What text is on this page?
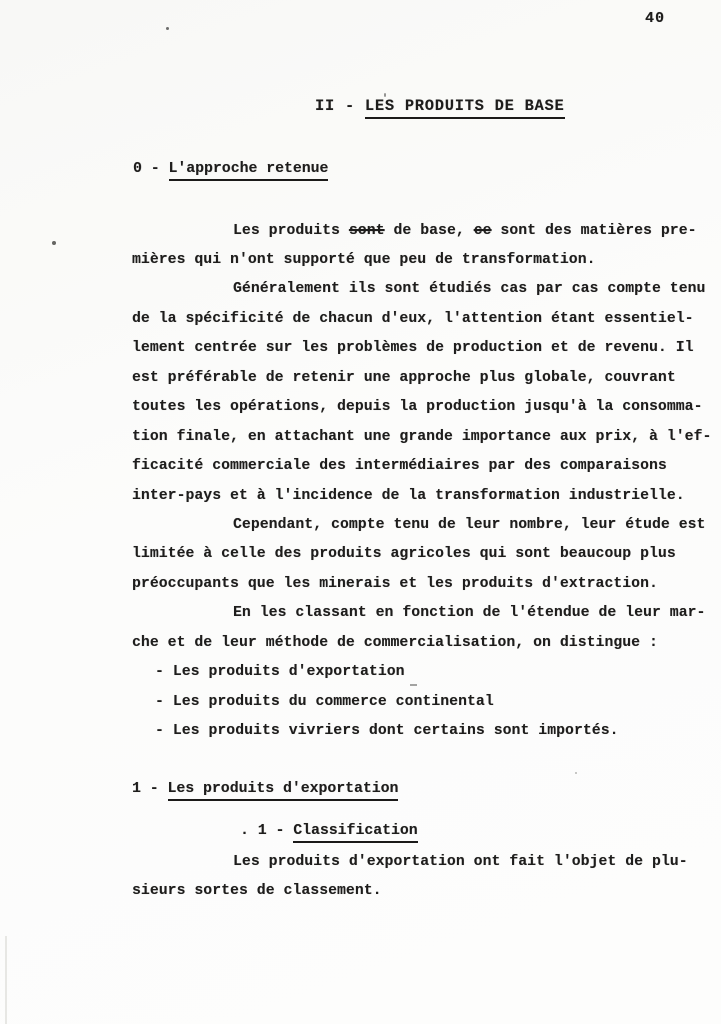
40
II - LES PRODUITS DE BASE
0 - L'approche retenue
Les produits sont de base, ce sont des matières pre-
mières qui n'ont supporté que peu de transformation.
Généralement ils sont étudiés cas par cas compte tenu
de la spécificité de chacun d'eux, l'attention étant essentiel-
lement centrée sur les problèmes de production et de revenu. Il
est préférable de retenir une approche plus globale, couvrant
toutes les opérations, depuis la production jusqu'à la consomma-
tion finale, en attachant une grande importance aux prix, à l'ef-
ficacité commerciale des intermédiaires par des comparaisons
inter-pays et à l'incidence de la transformation industrielle.
Cependant, compte tenu de leur nombre, leur étude est
limitée à celle des produits agricoles qui sont beaucoup plus
préoccupants que les minerais et les produits d'extraction.
En les classant en fonction de l'étendue de leur mar-
che et de leur méthode de commercialisation, on distingue :
- Les produits d'exportation
- Les produits du commerce continental
- Les produits vivriers dont certains sont importés.
1 - Les produits d'exportation
. 1 - Classification
Les produits d'exportation ont fait l'objet de plu-
sieurs sortes de classement.
